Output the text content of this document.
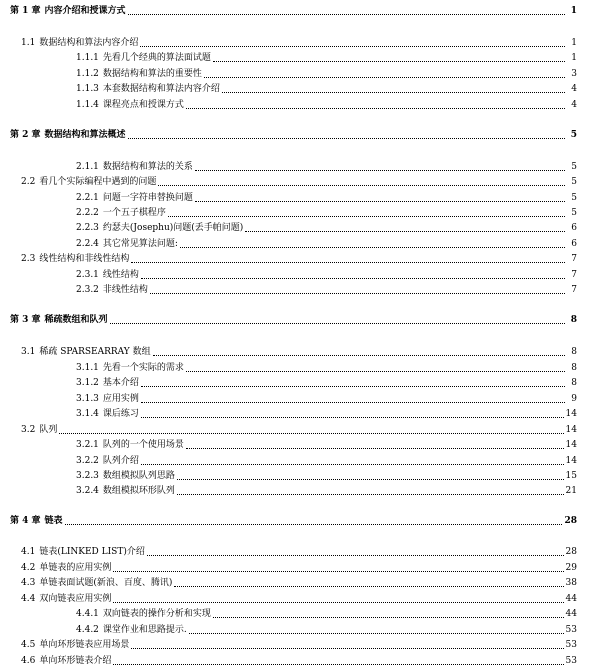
第 1 章 内容介绍和授课方式	1
1.1 数据结构和算法内容介绍	1
1.1.1 先看几个经典的算法面试题	1
1.1.2 数据结构和算法的重要性	3
1.1.3 本套数据结构和算法内容介绍	4
1.1.4 课程亮点和授课方式	4
第 2 章 数据结构和算法概述	5
2.1.1 数据结构和算法的关系	5
2.2 看几个实际编程中遇到的问题	5
2.2.1 问题一字符串替换问题	5
2.2.2 一个五子棋程序	5
2.2.3 约瑟夫(Josephu)问题(丢手帕问题)	6
2.2.4 其它常见算法问题:	6
2.3 线性结构和非线性结构	7
2.3.1 线性结构	7
2.3.2 非线性结构	7
第 3 章 稀疏数组和队列	8
3.1 稀疏 SPARSEARRAY 数组	8
3.1.1 先看一个实际的需求	8
3.1.2 基本介绍	8
3.1.3 应用实例	9
3.1.4 课后练习	14
3.2 队列	14
3.2.1 队列的一个使用场景	14
3.2.2 队列介绍	14
3.2.3 数组模拟队列思路	15
3.2.4 数组模拟环形队列	21
第 4 章 链表	28
4.1 链表(LINKED LIST)介绍	28
4.2 单链表的应用实例	29
4.3 单链表面试题(新浪、百度、腾讯)	38
4.4 双向链表应用实例	44
4.4.1 双向链表的操作分析和实现	44
4.4.2 课堂作业和思路提示.	53
4.5 单向环形链表应用场景	53
4.6 单向环形链表介绍	53
